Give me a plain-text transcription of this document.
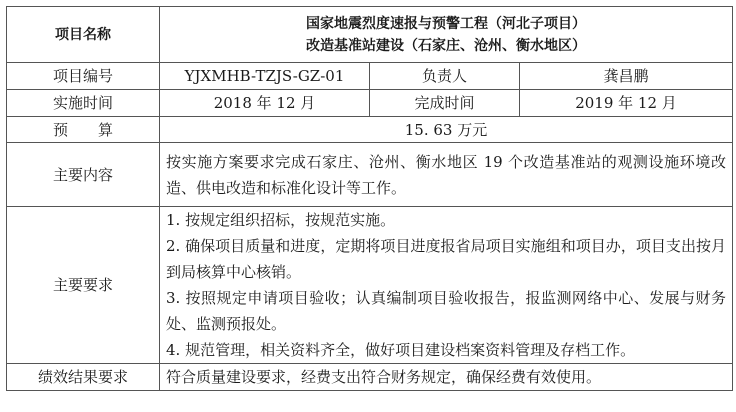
项目名称	国家地震烈度速报与预警工程（河北子项目）
改造基准站建设（石家庄、沧州、衡水地区）		

项目编号	YJXMHB-TZJS-GZ-01	负责人	龚昌鹏
实施时间	2018 年 12 月	完成时间	2019 年 12 月
预　　算	15. 63 万元		
主要内容	按实施方案要求完成石家庄、沧州、衡水地区 19 个改造基准站的观测设施环境改造、供电改造和标准化设计等工作。		

主要要求	1. 按规定组织招标，按规范实施。
2. 确保项目质量和进度，定期将项目进度报省局项目实施组和项目办，项目支出按月到局核算中心核销。
3. 按照规定申请项目验收；认真编制项目验收报告，报监测网络中心、发展与财务处、监测预报处。
4. 规范管理，相关资料齐全，做好项目建设档案资料管理及存档工作。		

绩效结果要求	符合质量建设要求，经费支出符合财务规定，确保经费有效使用。		
